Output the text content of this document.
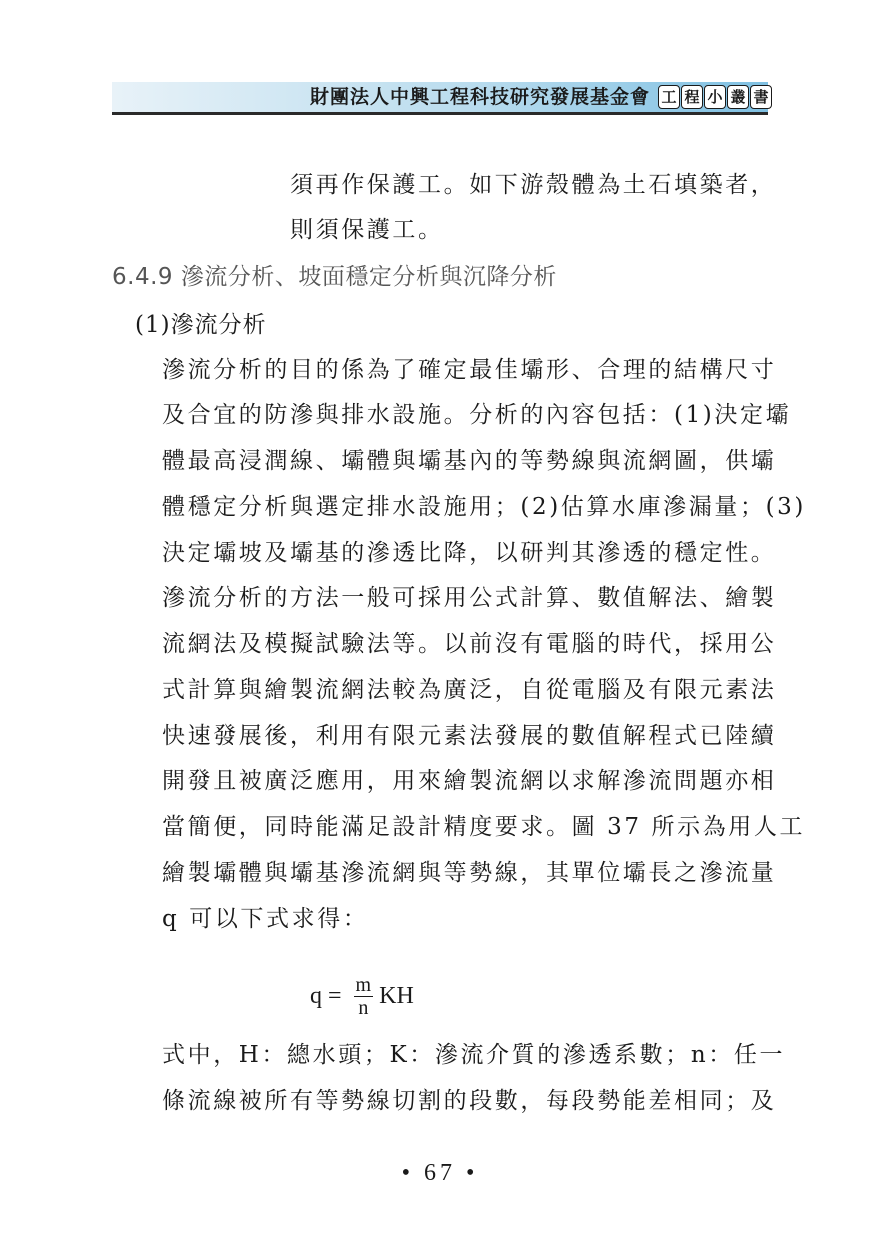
財團法人中興工程科技研究發展基金會 工 程 小 叢 書
須再作保護工。如下游殼體為土石填築者，
則須保護工。
6.4.9 滲流分析、坡面穩定分析與沉降分析
(1)滲流分析
滲流分析的目的係為了確定最佳壩形、合理的結構尺寸
及合宜的防滲與排水設施。分析的內容包括：(1)決定壩
體最高浸潤線、壩體與壩基內的等勢線與流網圖，供壩
體穩定分析與選定排水設施用；(2)估算水庫滲漏量；(3)
決定壩坡及壩基的滲透比降，以研判其滲透的穩定性。
滲流分析的方法一般可採用公式計算、數值解法、繪製
流網法及模擬試驗法等。以前沒有電腦的時代，採用公
式計算與繪製流網法較為廣泛，自從電腦及有限元素法
快速發展後，利用有限元素法發展的數值解程式已陸續
開發且被廣泛應用，用來繪製流網以求解滲流問題亦相
當簡便，同時能滿足設計精度要求。圖 37 所示為用人工
繪製壩體與壩基滲流網與等勢線，其單位壩長之滲流量
q 可以下式求得：
$q = \frac{m}{n}$ KH
式中，H：總水頭；K：滲流介質的滲透系數；n：任一
條流線被所有等勢線切割的段數，每段勢能差相同；及
• 67 •
